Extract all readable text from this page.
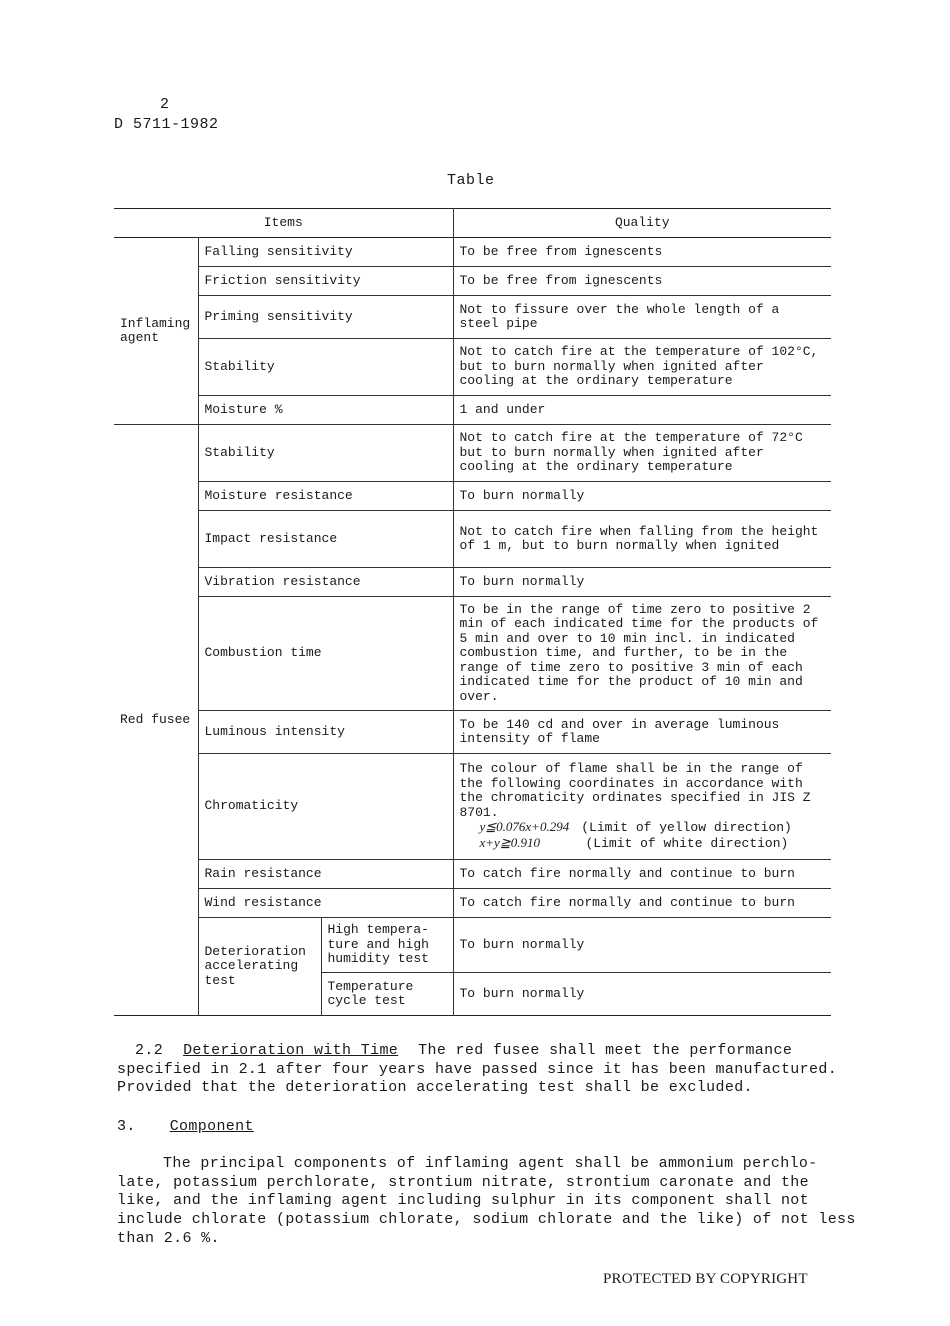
2
D 5711-1982
Table
Items			Quality
Inflaming agent	Falling sensitivity		To be free from ignescents
	Friction sensitivity		To be free from ignescents
	Priming sensitivity		Not to fissure over the whole length of a steel pipe
	Stability		Not to catch fire at the temperature of 102°C, but to burn normally when ignited after cooling at the ordinary temperature
	Moisture %		1 and under
Red fusee	Stability		Not to catch fire at the temperature of 72°C but to burn normally when ignited after cooling at the ordinary temperature
	Moisture resistance		To burn normally
	Impact resistance		Not to catch fire when falling from the height of 1 m, but to burn normally when ignited
	Vibration resistance		To burn normally
	Combustion time		To be in the range of time zero to positive 2 min of each indicated time for the products of 5 min and over to 10 min incl. in indicated combustion time, and further, to be in the range of time zero to positive 3 min of each indicated time for the product of 10 min and over.
	Luminous intensity		To be 140 cd and over in average luminous intensity of flame
	Chromaticity		The colour of flame shall be in the range of the following coordinates in accordance with the chromaticity ordinates specified in JIS Z 8701.
y≦0.076x+0.294 (Limit of yellow direction)
x+y≧0.910 (Limit of white direction)

	Rain resistance		To catch fire normally and continue to burn
	Wind resistance		To catch fire normally and continue to burn
	Deterioration accelerating test	High tempera- ture and high humidity test	To burn normally
		Temperature cycle test	To burn normally

2.2 Deterioration with Time The red fusee shall meet the performance specified in 2.1 after four years have passed since it has been manufactured. Provided that the deterioration accelerating test shall be excluded.

3. Component

The principal components of inflaming agent shall be ammonium perchlo- late, potassium perchlorate, strontium nitrate, strontium caronate and the like, and the inflaming agent including sulphur in its component shall not include chlorate (potassium chlorate, sodium chlorate and the like) of not less than 2.6 %.

PROTECTED BY COPYRIGHT
